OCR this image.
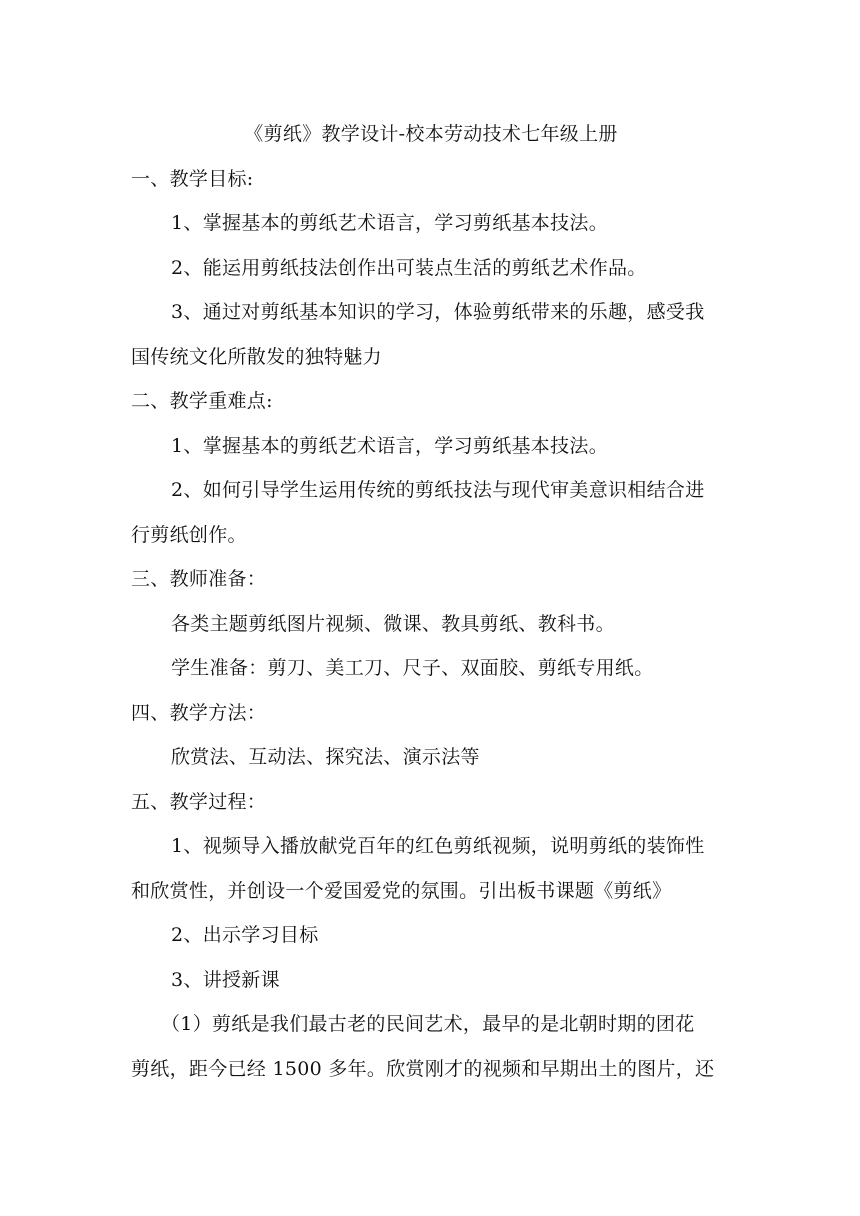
《剪纸》教学设计-校本劳动技术七年级上册
一、教学目标:
1、掌握基本的剪纸艺术语言，学习剪纸基本技法。
2、能运用剪纸技法创作出可装点生活的剪纸艺术作品。
3、通过对剪纸基本知识的学习，体验剪纸带来的乐趣，感受我
国传统文化所散发的独特魅力
二、教学重难点:
1、掌握基本的剪纸艺术语言，学习剪纸基本技法。
2、如何引导学生运用传统的剪纸技法与现代审美意识相结合进
行剪纸创作。
三、教师准备：
各类主题剪纸图片视频、微课、教具剪纸、教科书。
学生准备：剪刀、美工刀、尺子、双面胶、剪纸专用纸。
四、教学方法：
欣赏法、互动法、探究法、演示法等
五、教学过程：
1、视频导入播放献党百年的红色剪纸视频，说明剪纸的装饰性
和欣赏性，并创设一个爱国爱党的氛围。引出板书课题《剪纸》
2、出示学习目标
3、讲授新课
（1）剪纸是我们最古老的民间艺术，最早的是北朝时期的团花
剪纸，距今已经 1500 多年。欣赏刚才的视频和早期出土的图片，还
